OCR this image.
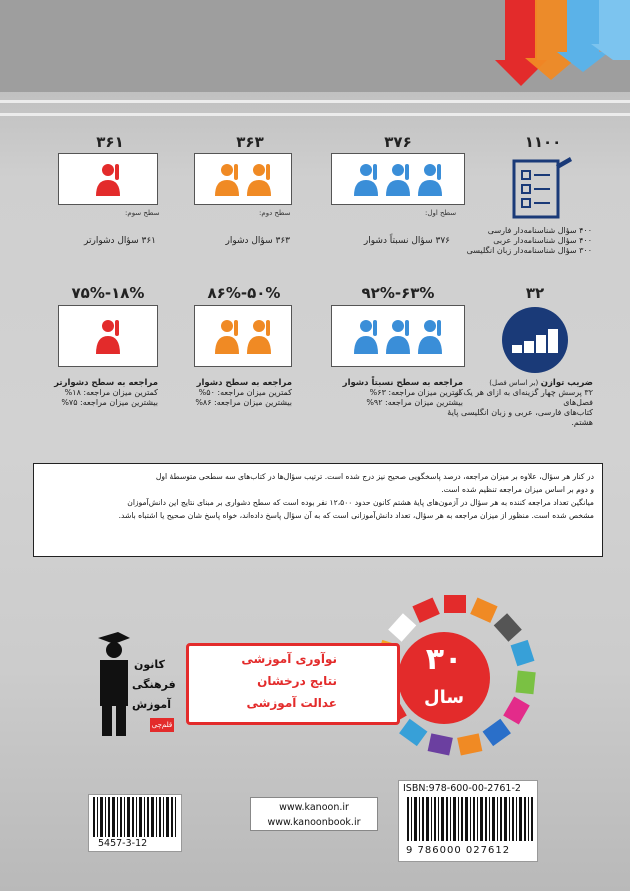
۱۱۰۰
۴۰۰ سؤال شناسنامه‌دار فارسی
۴۰۰ سؤال شناسنامه‌دار عربی
۳۰۰ سؤال شناسنامه‌دار زبان انگلیسی
۳۷۶
سطح اول:
۳۷۶ سؤال نسبتاً دشوار
۳۶۳
سطح دوم:
۳۶۳ سؤال دشوار
۳۶۱
سطح سوم:
۳۶۱ سؤال دشوارتر
۳۲
ضریب توازن (بر اساس فصل)
۳۲ پرسش چهار گزینه‌ای به ازای هر یک از فصل‌های
کتاب‌های فارسی، عربی و زبان انگلیسی پایهٔ هشتم.
۶۳%-۹۲%
مراجعه به سطح نسبتاً دشوار
کمترین میزان مراجعه: ۶۳%
بیشترین میزان مراجعه: ۹۲%
۵۰%-۸۶%
مراجعه به سطح دشوار
کمترین میزان مراجعه: ۵۰%
بیشترین میزان مراجعه: ۸۶%
۱۸%-۷۵%
مراجعه به سطح دشوارتر
کمترین میزان مراجعه: ۱۸%
بیشترین میزان مراجعه: ۷۵%
در کنار هر سؤال، علاوه بر میزان مراجعه، درصد پاسخگویی صحیح نیز درج شده است. ترتیب سؤال‌ها در کتاب‌های سه سطحی متوسطهٔ اول
و دوم بر اساس میزان مراجعه تنظیم شده است.
میانگین تعداد مراجعه کننده به هر سؤال در آزمون‌های پایهٔ هشتم کانون حدود ۱۲،۵۰۰ نفر بوده است که سطح دشواری بر مبنای نتایج این دانش‌آموزان
مشخص شده است. منظور از میزان مراجعه به هر سؤال، تعداد دانش‌آموزانی است که به آن سؤال پاسخ داده‌اند، خواه پاسخ شان صحیح یا اشتباه باشد.
نوآوری آموزشی
نتایج درخشان
عدالت آموزشی
۳۰
سال
کانون
فرهنگی
آموزش
قلم‌چی
5457-3-12
www.kanoon.ir
www.kanoonbook.ir
ISBN:978-600-00-2761-2
9 786000 027612
